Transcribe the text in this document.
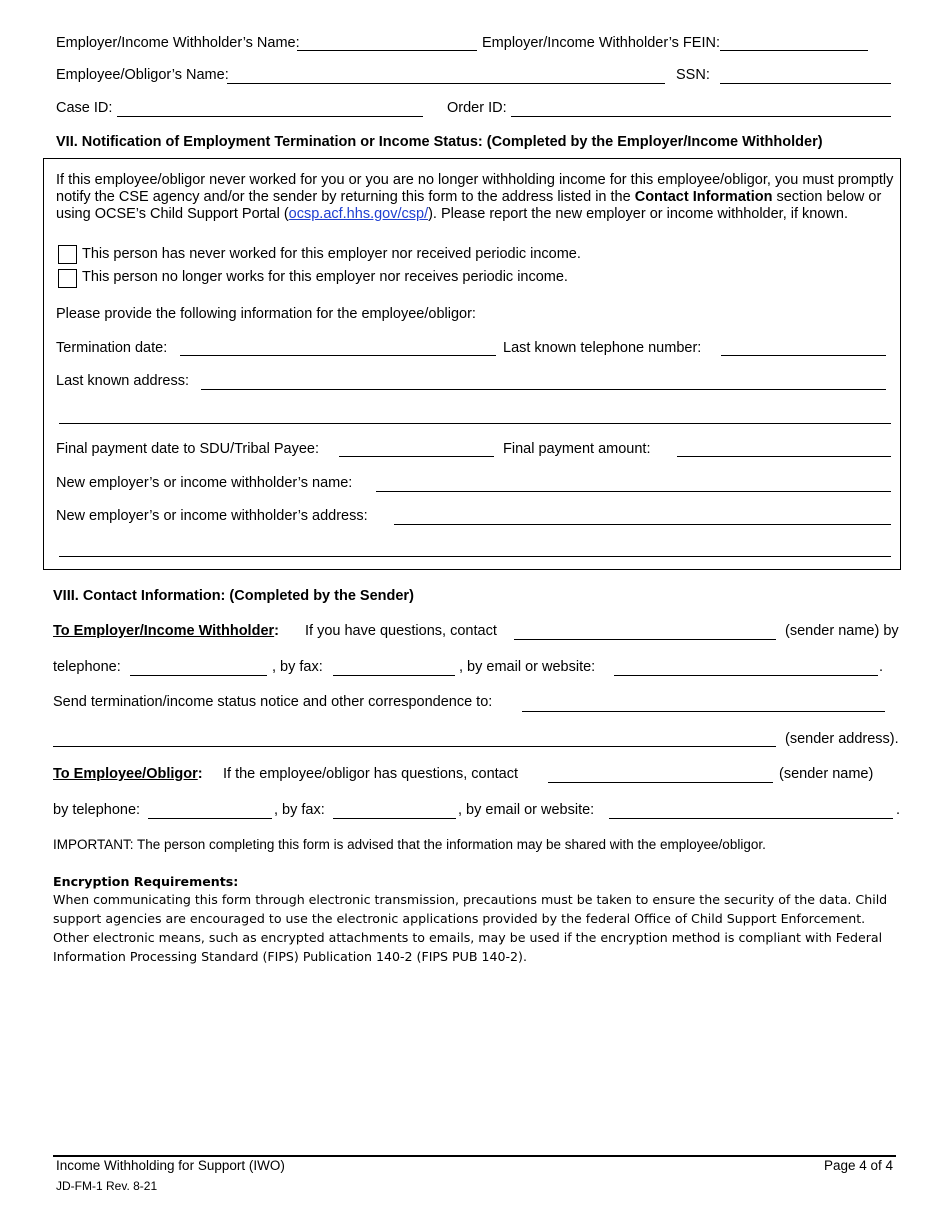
Employer/Income Withholder’s Name:	Employer/Income Withholder’s FEIN:
Employee/Obligor’s Name:	SSN:
Case ID:	Order ID:
VII. Notification of Employment Termination or Income Status: (Completed by the Employer/Income Withholder)
If this employee/obligor never worked for you or you are no longer withholding income for this employee/obligor, you must promptly notify the CSE agency and/or the sender by returning this form to the address listed in the Contact Information section below or using OCSE’s Child Support Portal (ocsp.acf.hhs.gov/csp/). Please report the new employer or income withholder, if known.
This person has never worked for this employer nor received periodic income.
This person no longer works for this employer nor receives periodic income.
Please provide the following information for the employee/obligor:
Termination date:	Last known telephone number:
Last known address:
Final payment date to SDU/Tribal Payee:	Final payment amount:
New employer’s or income withholder’s name:
New employer’s or income withholder’s address:
VIII. Contact Information: (Completed by the Sender)
To Employer/Income Withholder: If you have questions, contact	(sender name) by
telephone:	, by fax:	, by email or website:	.
Send termination/income status notice and other correspondence to:
(sender address).
To Employee/Obligor: If the employee/obligor has questions, contact	(sender name)
by telephone:	, by fax:	, by email or website:	.
IMPORTANT: The person completing this form is advised that the information may be shared with the employee/obligor.
Encryption Requirements:
When communicating this form through electronic transmission, precautions must be taken to ensure the security of the data. Child
support agencies are encouraged to use the electronic applications provided by the federal Office of Child Support Enforcement.
Other electronic means, such as encrypted attachments to emails, may be used if the encryption method is compliant with Federal
Information Processing Standard (FIPS) Publication 140-2 (FIPS PUB 140-2).
Income Withholding for Support (IWO)	Page 4 of 4
JD-FM-1 Rev. 8-21
